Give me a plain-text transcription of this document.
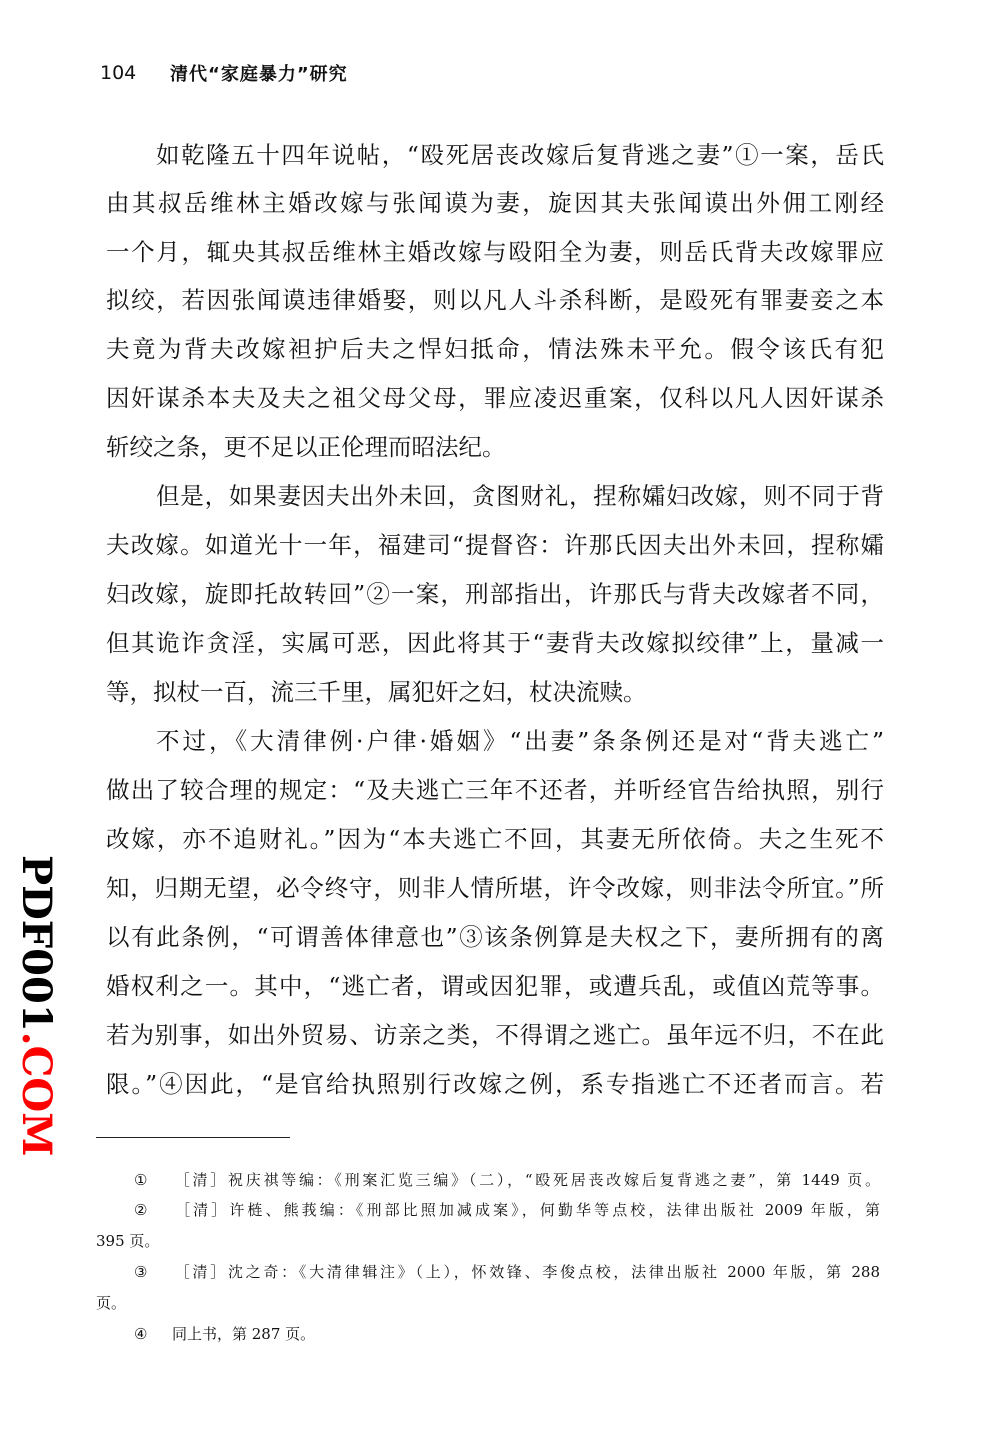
104	清代“家庭暴力”研究
如乾隆五十四年说帖，“殴死居丧改嫁后复背逃之妻”①一案，岳氏
由其叔岳维林主婚改嫁与张闻谟为妻，旋因其夫张闻谟出外佣工刚经
一个月，辄央其叔岳维林主婚改嫁与殴阳全为妻，则岳氏背夫改嫁罪应
拟绞，若因张闻谟违律婚娶，则以凡人斗杀科断，是殴死有罪妻妾之本
夫竟为背夫改嫁袒护后夫之悍妇抵命，情法殊未平允。假令该氏有犯
因奸谋杀本夫及夫之祖父母父母，罪应凌迟重案，仅科以凡人因奸谋杀
斩绞之条，更不足以正伦理而昭法纪。
但是，如果妻因夫出外未回，贪图财礼，捏称孀妇改嫁，则不同于背
夫改嫁。如道光十一年，福建司“提督咨：许那氏因夫出外未回，捏称孀
妇改嫁，旋即托故转回”②一案，刑部指出，许那氏与背夫改嫁者不同，
但其诡诈贪淫，实属可恶，因此将其于“妻背夫改嫁拟绞律”上，量减一
等，拟杖一百，流三千里，属犯奸之妇，杖决流赎。
不过，《大清律例·户律·婚姻》“出妻”条条例还是对“背夫逃亡”
做出了较合理的规定：“及夫逃亡三年不还者，并听经官告给执照，别行
改嫁，亦不追财礼。”因为“本夫逃亡不回，其妻无所依倚。夫之生死不
知，归期无望，必令终守，则非人情所堪，许令改嫁，则非法令所宜。”所
以有此条例，“可谓善体律意也”③该条例算是夫权之下，妻所拥有的离
婚权利之一。其中，“逃亡者，谓或因犯罪，或遭兵乱，或值凶荒等事。
若为别事，如出外贸易、访亲之类，不得谓之逃亡。虽年远不归，不在此
限。”④因此，“是官给执照别行改嫁之例，系专指逃亡不还者而言。若
① ［清］祝庆祺等编：《刑案汇览三编》（二），“殴死居丧改嫁后复背逃之妻”，第 1449 页。
② ［清］许梿、熊莪编：《刑部比照加减成案》，何勤华等点校，法律出版社 2009 年版，第
395 页。
③ ［清］沈之奇：《大清律辑注》（上），怀效锋、李俊点校，法律出版社 2000 年版，第 288
页。
④ 同上书，第 287 页。
PDF001.COM
